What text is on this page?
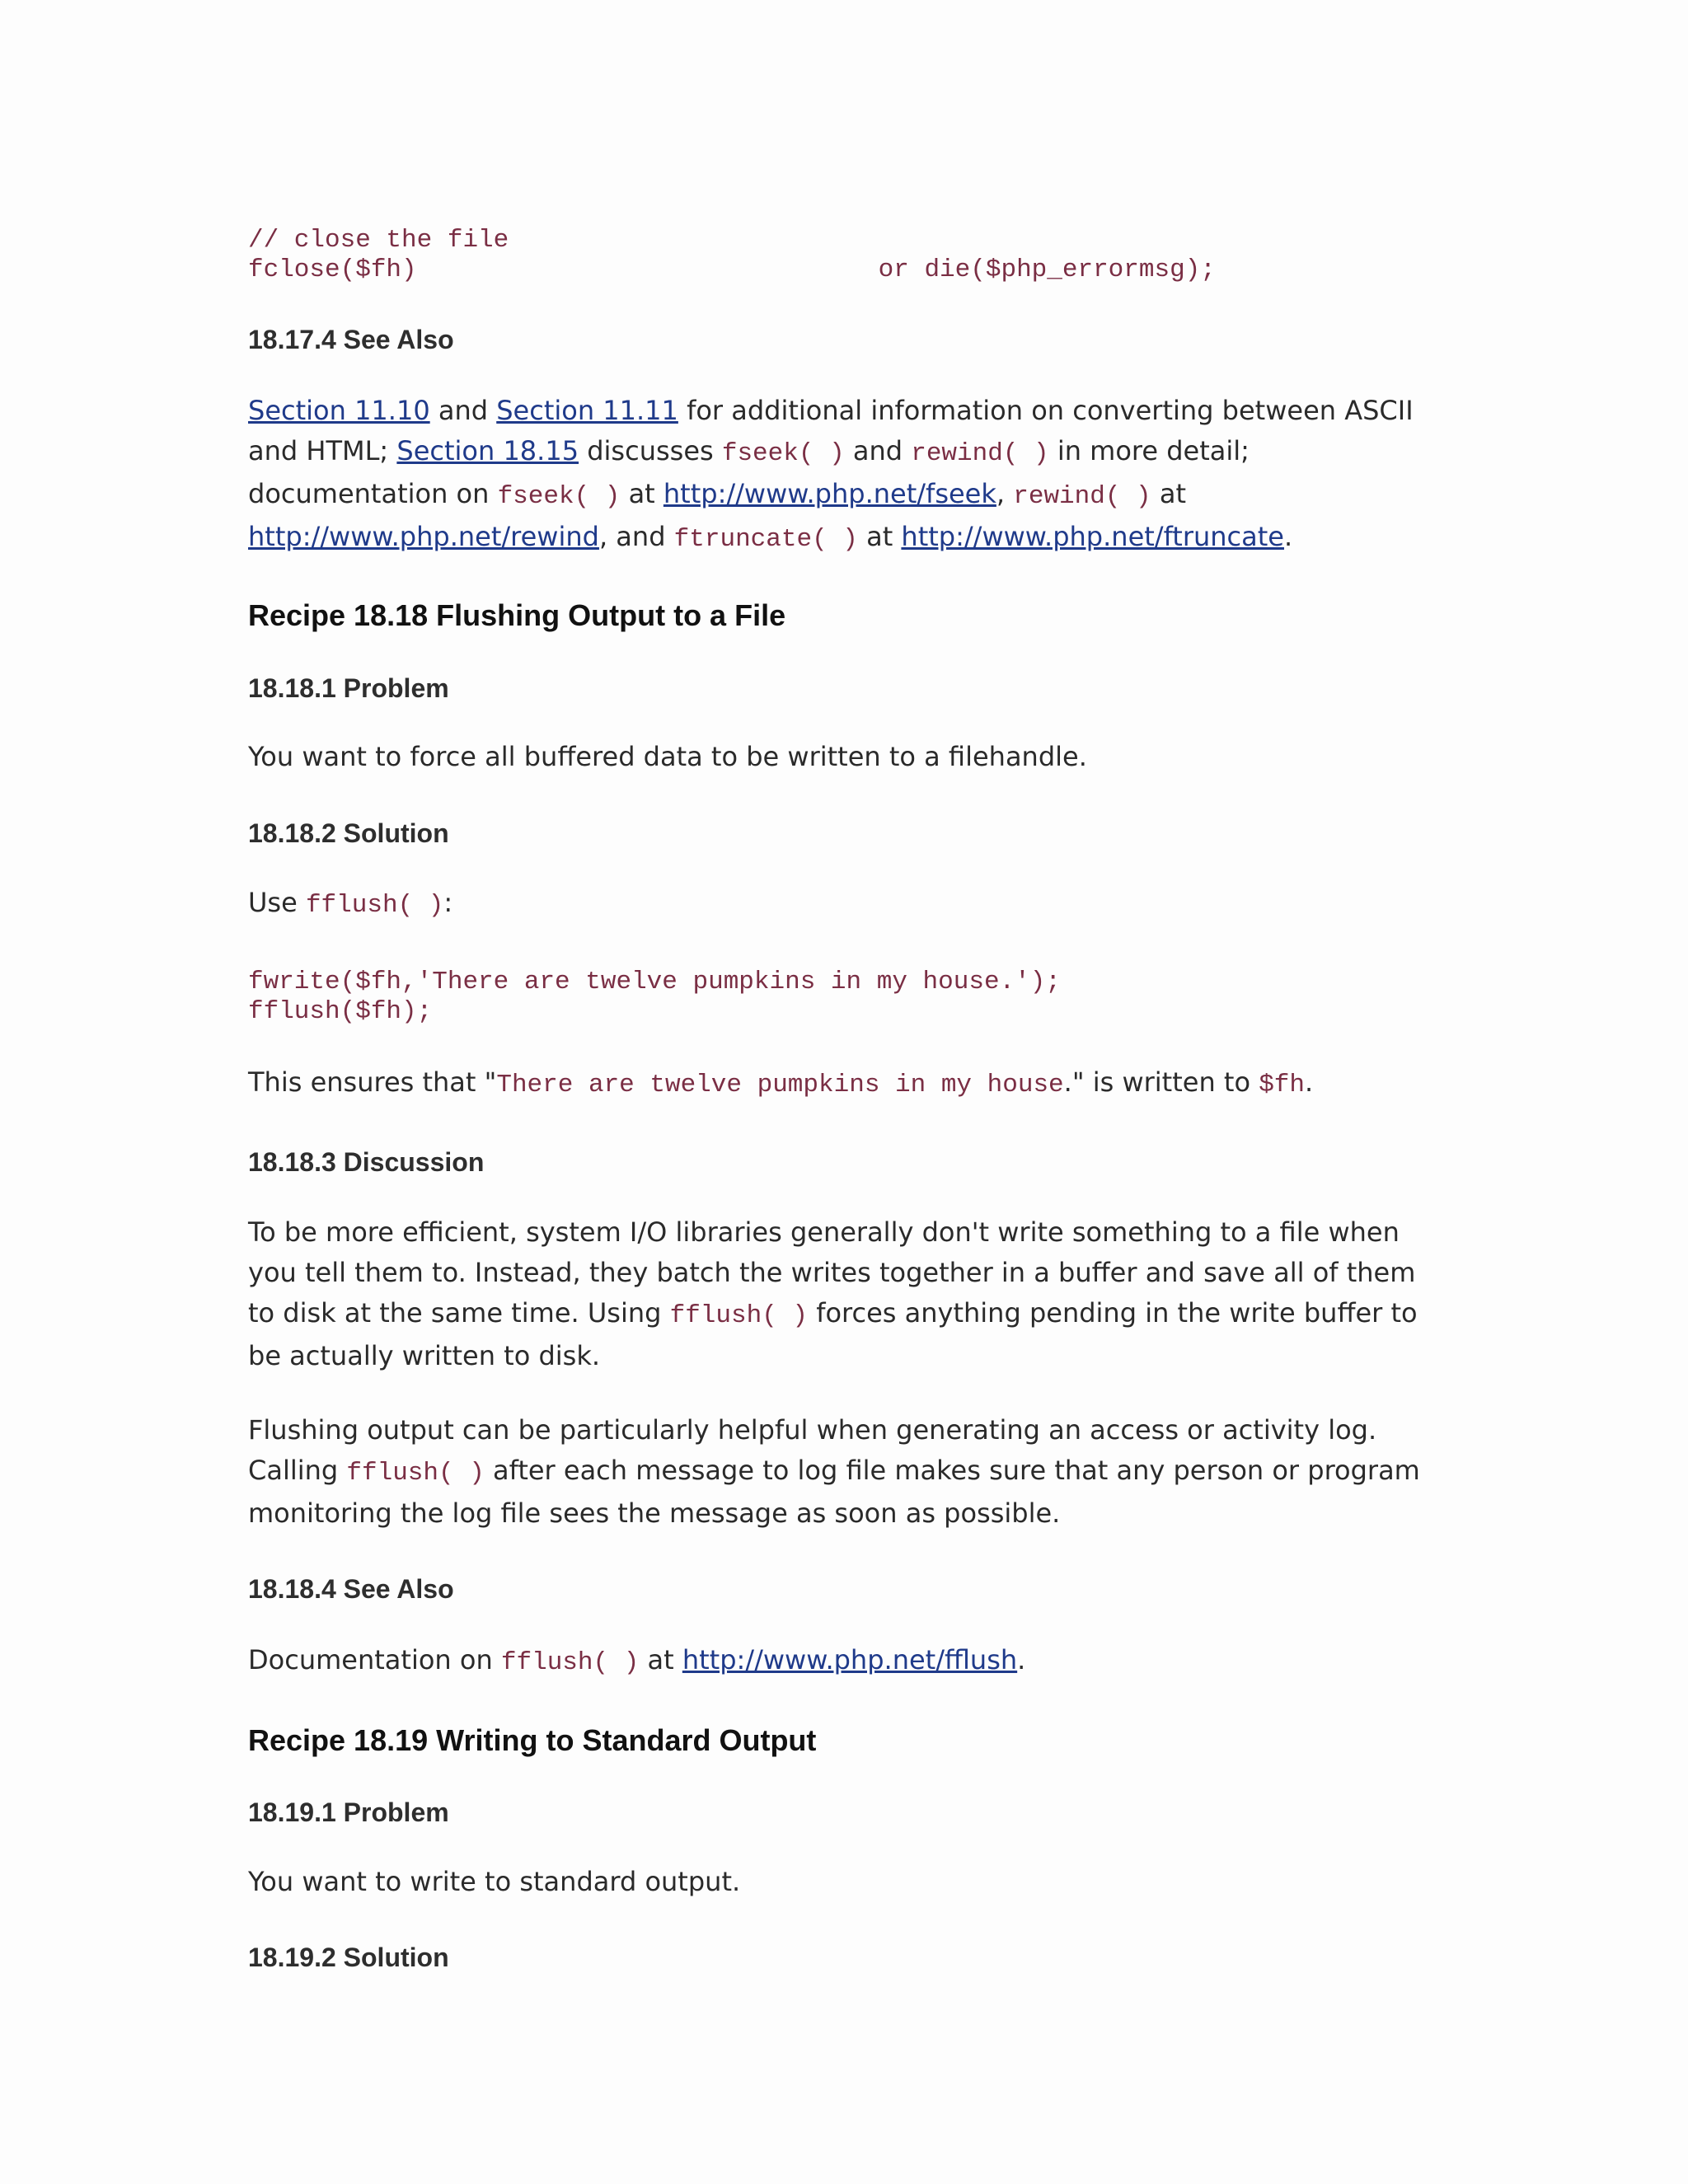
// close the file
fclose($fh)	or die($php_errormsg);
18.17.4 See Also
Section 11.10 and Section 11.11 for additional information on converting between ASCII and HTML; Section 18.15 discusses fseek( ) and rewind( ) in more detail; documentation on fseek( ) at http://www.php.net/fseek, rewind( ) at http://www.php.net/rewind, and ftruncate( ) at http://www.php.net/ftruncate.
Recipe 18.18 Flushing Output to a File
18.18.1 Problem
You want to force all buffered data to be written to a filehandle.
18.18.2 Solution
Use fflush( ):
fwrite($fh,'There are twelve pumpkins in my house.');
fflush($fh);
This ensures that "There are twelve pumpkins in my house." is written to $fh.
18.18.3 Discussion
To be more efficient, system I/O libraries generally don't write something to a file when you tell them to. Instead, they batch the writes together in a buffer and save all of them to disk at the same time. Using fflush( ) forces anything pending in the write buffer to be actually written to disk.
Flushing output can be particularly helpful when generating an access or activity log. Calling fflush( ) after each message to log file makes sure that any person or program monitoring the log file sees the message as soon as possible.
18.18.4 See Also
Documentation on fflush( ) at http://www.php.net/fflush.
Recipe 18.19 Writing to Standard Output
18.19.1 Problem
You want to write to standard output.
18.19.2 Solution
